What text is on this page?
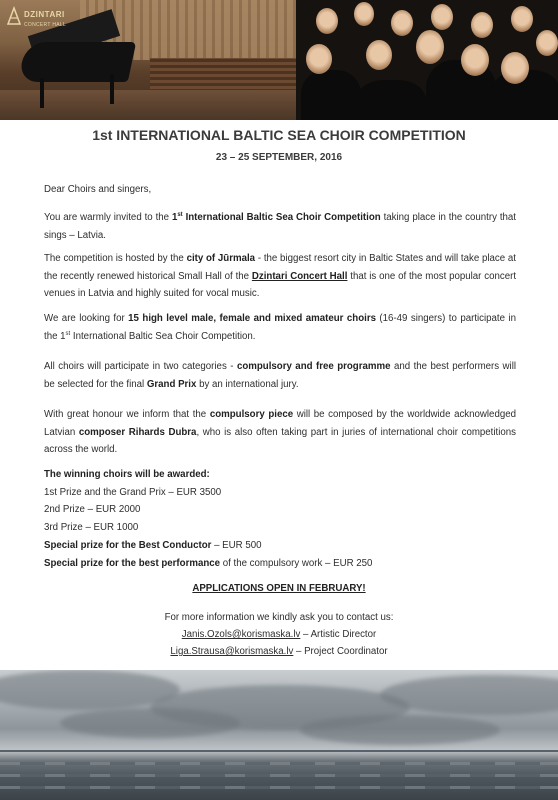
DZINTARI
CONCERT HALL
1st INTERNATIONAL BALTIC SEA CHOIR COMPETITION
23 – 25 SEPTEMBER, 2016

Dear Choirs and singers,

You are warmly invited to the 1st International Baltic Sea Choir Competition taking place in the country that sings – Latvia.

The competition is hosted by the city of Jūrmala - the biggest resort city in Baltic States and will take place at the recently renewed historical Small Hall of the Dzintari Concert Hall that is one of the most popular concert venues in Latvia and highly suited for vocal music.

We are looking for 15 high level male, female and mixed amateur choirs (16-49 singers) to participate in the 1st International Baltic Sea Choir Competition.

All choirs will participate in two categories - compulsory and free programme and the best performers will be selected for the final Grand Prix by an international jury.

With great honour we inform that the compulsory piece will be composed by the worldwide acknowledged Latvian composer Rihards Dubra, who is also often taking part in juries of international choir competitions across the world.

The winning choirs will be awarded:
1st Prize and the Grand Prix – EUR 3500
2nd Prize – EUR 2000
3rd Prize – EUR 1000
Special prize for the Best Conductor – EUR 500
Special prize for the best performance of the compulsory work – EUR 250
APPLICATIONS OPEN IN FEBRUARY!
For more information we kindly ask you to contact us:
Janis.Ozols@korismaska.lv – Artistic Director
Liga.Strausa@korismaska.lv – Project Coordinator
